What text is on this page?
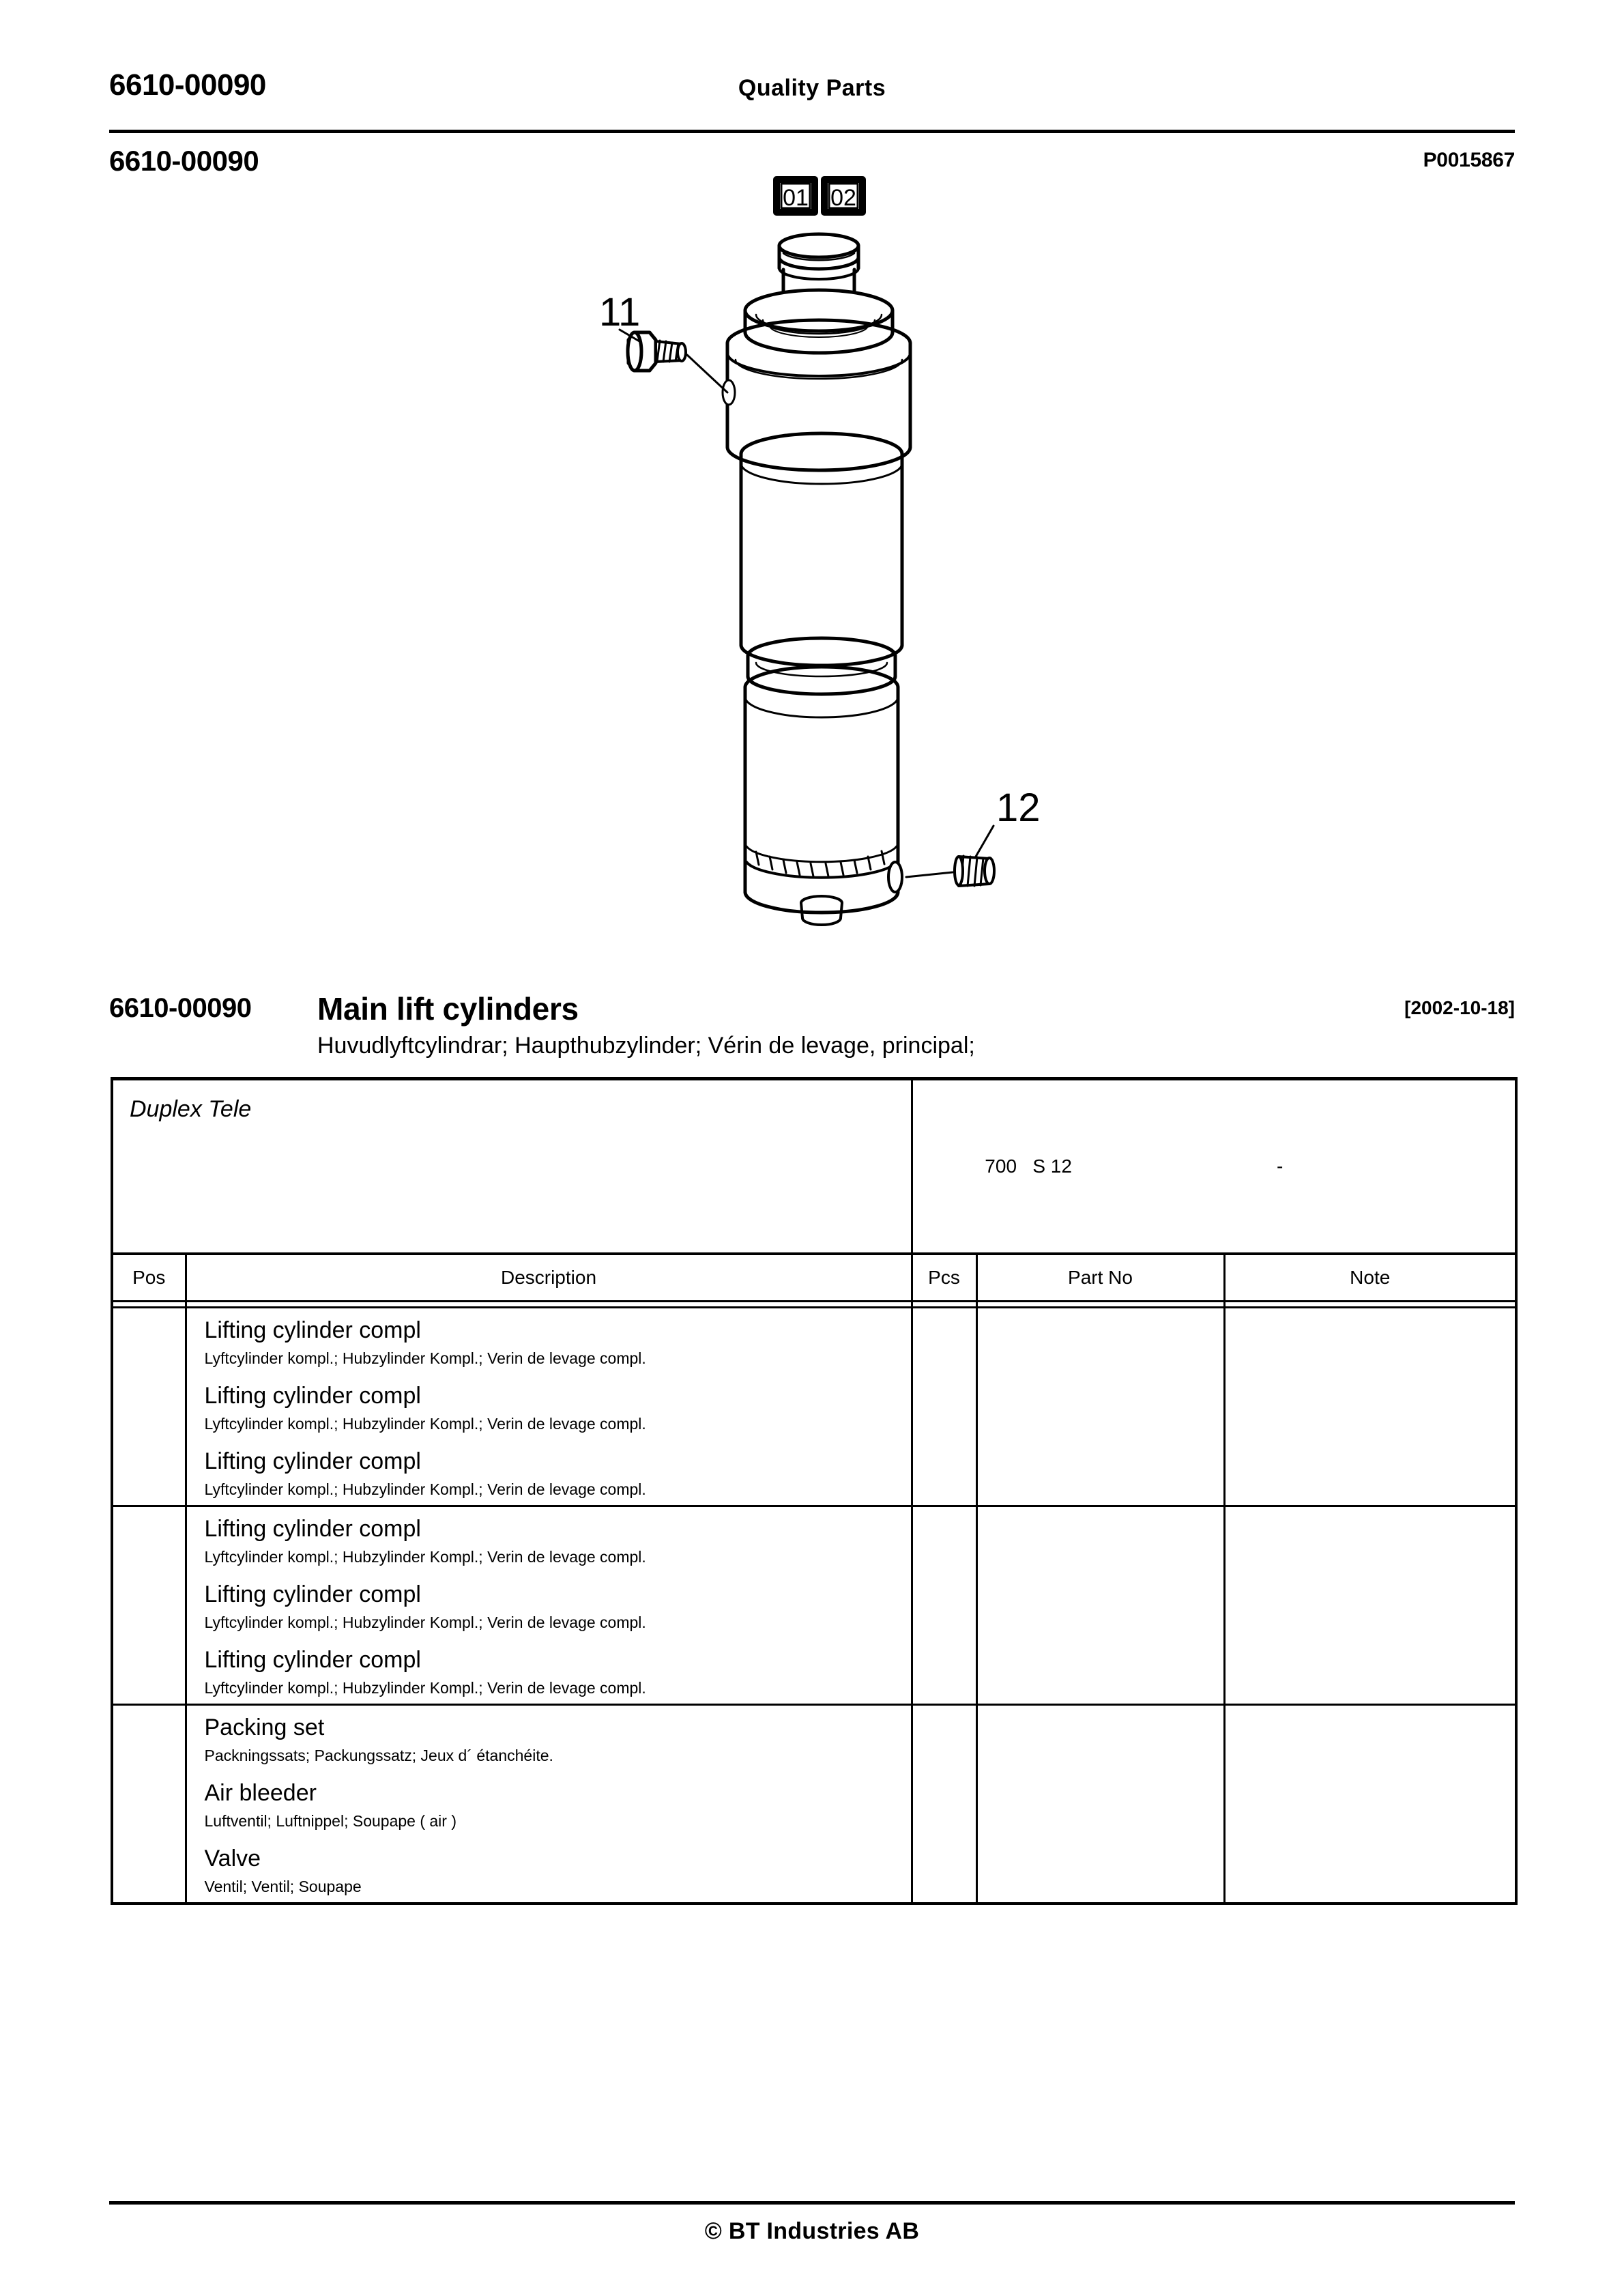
6610-00090	Quality Parts
6610-00090	P0015867
01 02
11
12
6610-00090 Main lift cylinders	[2002-10-18]
Huvudlyftcylindrar; Haupthubzylinder; Vérin de levage, principal;
Duplex Tele		700   S 12 -		

Pos	Description	Pcs	Part No	Note

Lifting cylinder compl
Lyftcylinder kompl.; Hubzylinder Kompl.; Verin de levage compl.

Lifting cylinder compl
Lyftcylinder kompl.; Hubzylinder Kompl.; Verin de levage compl.

Lifting cylinder compl
Lyftcylinder kompl.; Hubzylinder Kompl.; Verin de levage compl.

Lifting cylinder compl
Lyftcylinder kompl.; Hubzylinder Kompl.; Verin de levage compl.

Lifting cylinder compl
Lyftcylinder kompl.; Hubzylinder Kompl.; Verin de levage compl.

Lifting cylinder compl
Lyftcylinder kompl.; Hubzylinder Kompl.; Verin de levage compl.

Packing set
Packningssats; Packungssatz; Jeux d´ étanchéite.

Air bleeder
Luftventil; Luftnippel; Soupape ( air )

Valve
Ventil; Ventil; Soupape

© BT Industries AB
